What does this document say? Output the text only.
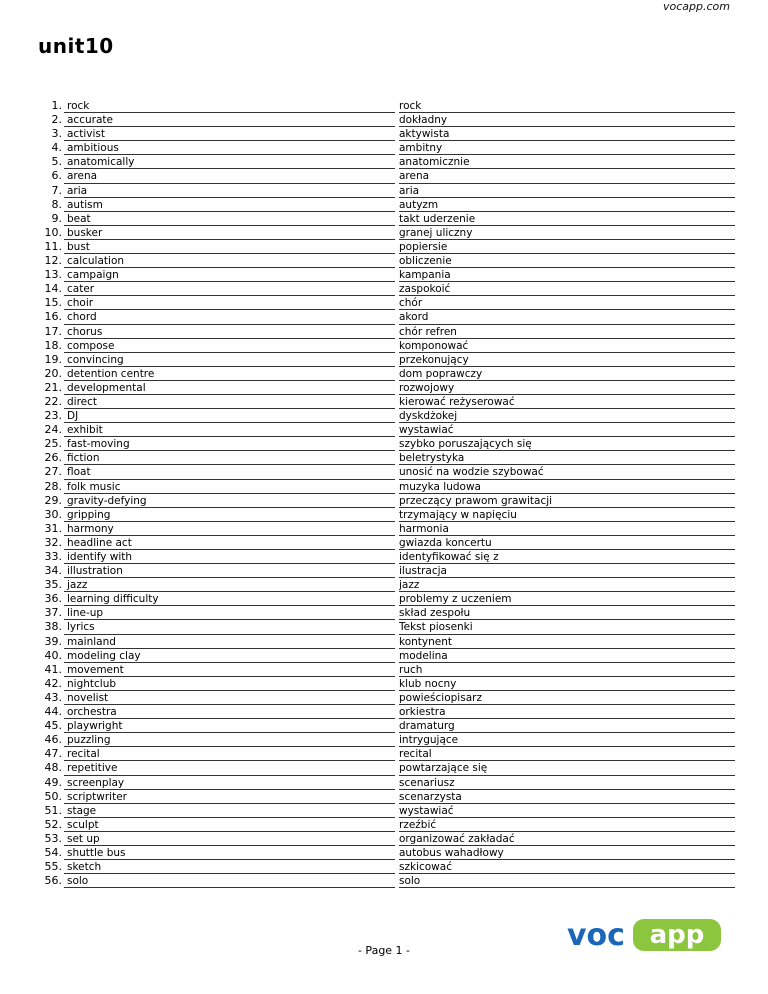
vocapp.com
unit10
1. rock	rock
2. accurate	dokładny
3. activist	aktywista
4. ambitious	ambitny
5. anatomically	anatomicznie
6. arena	arena
7. aria	aria
8. autism	autyzm
9. beat	takt uderzenie
10. busker	granej uliczny
11. bust	popiersie
12. calculation	obliczenie
13. campaign	kampania
14. cater	zaspokoić
15. choir	chór
16. chord	akord
17. chorus	chór refren
18. compose	komponować
19. convincing	przekonujący
20. detention centre	dom poprawczy
21. developmental	rozwojowy
22. direct	kierować reżyserować
23. DJ	dyskdżokej
24. exhibit	wystawiać
25. fast-moving	szybko poruszających się
26. fiction	beletrystyka
27. float	unosić na wodzie szybować
28. folk music	muzyka ludowa
29. gravity-defying	przeczący prawom grawitacji
30. gripping	trzymający w napięciu
31. harmony	harmonia
32. headline act	gwiazda koncertu
33. identify with	identyfikować się z
34. illustration	ilustracja
35. jazz	jazz
36. learning difficulty	problemy z uczeniem
37. line-up	skład zespołu
38. lyrics	Tekst piosenki
39. mainland	kontynent
40. modeling clay	modelina
41. movement	ruch
42. nightclub	klub nocny
43. novelist	powieściopisarz
44. orchestra	orkiestra
45. playwright	dramaturg
46. puzzling	intrygujące
47. recital	recital
48. repetitive	powtarzające się
49. screenplay	scenariusz
50. scriptwriter	scenarzysta
51. stage	wystawiać
52. sculpt	rzeźbić
53. set up	organizować zakładać
54. shuttle bus	autobus wahadłowy
55. sketch	szkicować
56. solo	solo
- Page 1 -	voc app
